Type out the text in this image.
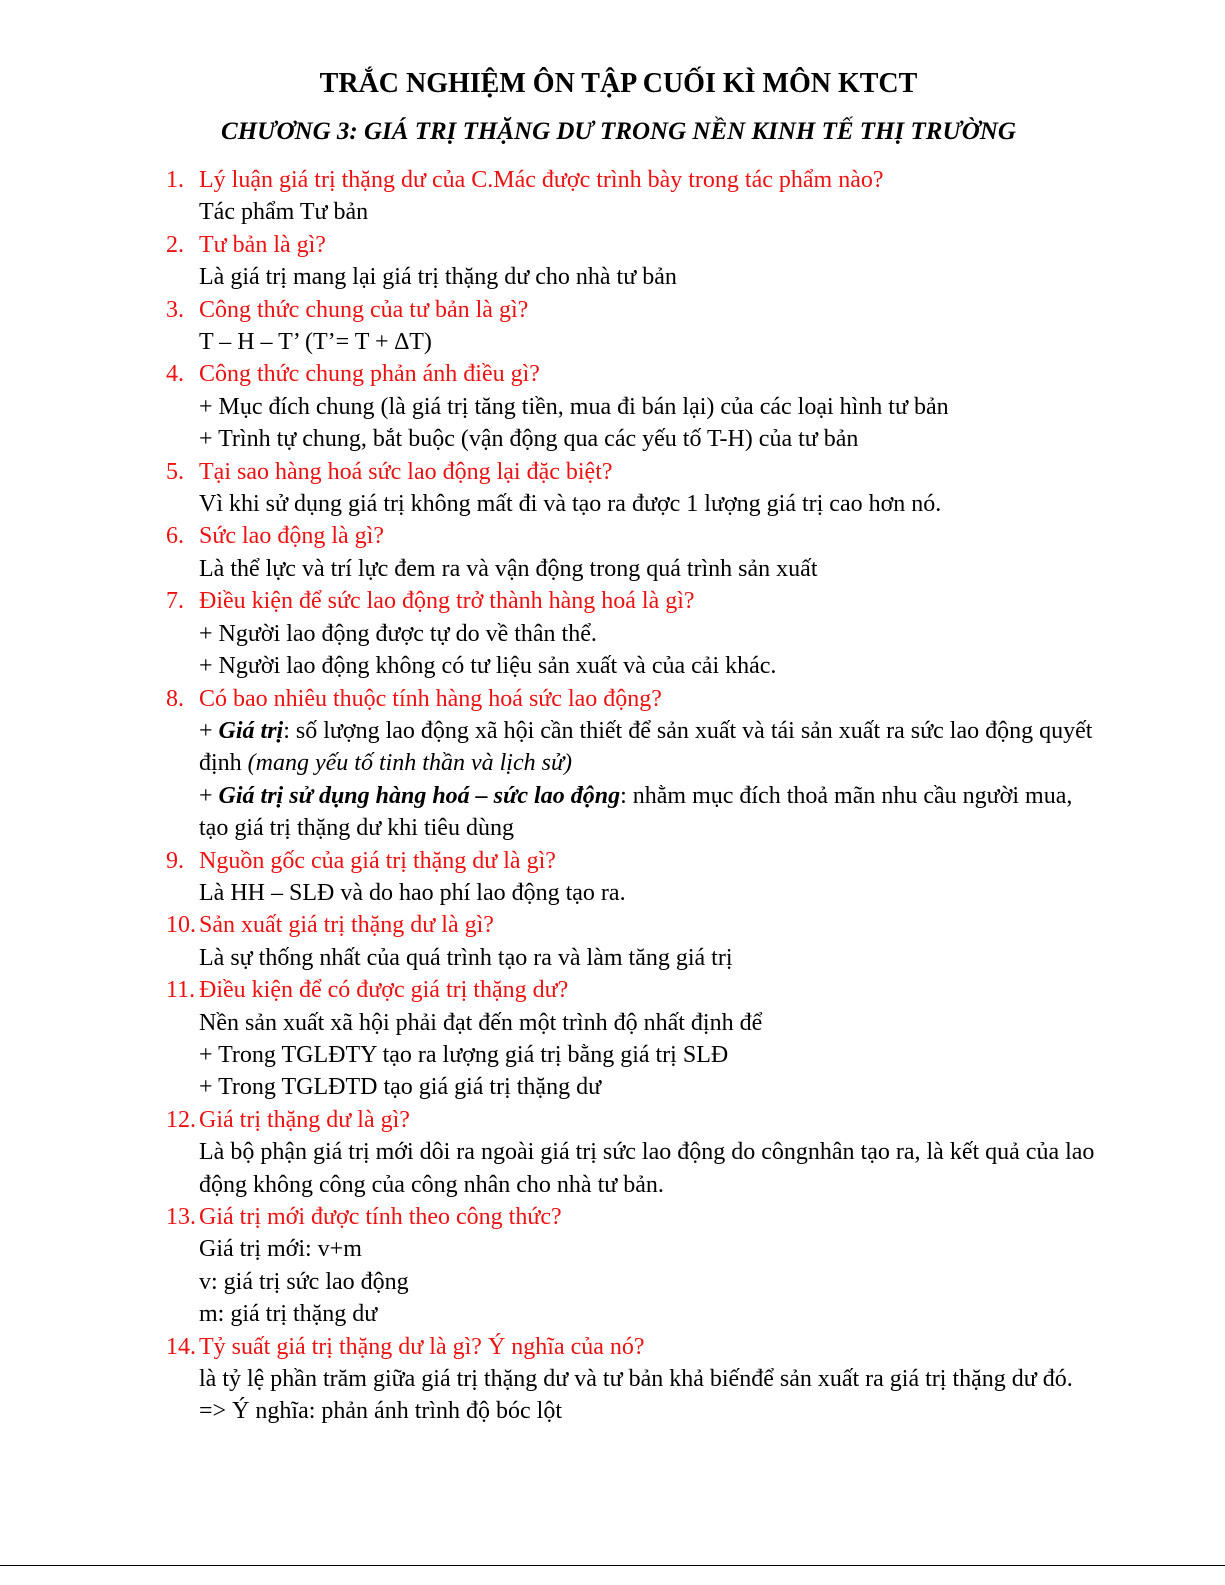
TRẮC NGHIỆM ÔN TẬP CUỐI KÌ MÔN KTCT
CHƯƠNG 3: GIÁ TRỊ THẶNG DƯ TRONG NỀN KINH TẾ THỊ TRƯỜNG
1. Lý luận giá trị thặng dư của C.Mác được trình bày trong tác phẩm nào?
Tác phẩm Tư bản
2. Tư bản là gì?
Là giá trị mang lại giá trị thặng dư cho nhà tư bản
3. Công thức chung của tư bản là gì?
T – H – T’ (T’= T + ∆T)
4. Công thức chung phản ánh điều gì?
+ Mục đích chung (là giá trị tăng tiền, mua đi bán lại) của các loại hình tư bản
+ Trình tự chung, bắt buộc (vận động qua các yếu tố T-H) của tư bản
5. Tại sao hàng hoá sức lao động lại đặc biệt?
Vì khi sử dụng giá trị không mất đi và tạo ra được 1 lượng giá trị cao hơn nó.
6. Sức lao động là gì?
Là thể lực và trí lực đem ra và vận động trong quá trình sản xuất
7. Điều kiện để sức lao động trở thành hàng hoá là gì?
+ Người lao động được tự do về thân thể.
+ Người lao động không có tư liệu sản xuất và của cải khác.
8. Có bao nhiêu thuộc tính hàng hoá sức lao động?
+ Giá trị: số lượng lao động xã hội cần thiết để sản xuất và tái sản xuất ra sức lao động quyết định (mang yếu tố tinh thần và lịch sử)
+ Giá trị sử dụng hàng hoá – sức lao động: nhằm mục đích thoả mãn nhu cầu người mua, tạo giá trị thặng dư khi tiêu dùng
9. Nguồn gốc của giá trị thặng dư là gì?
Là HH – SLĐ và do hao phí lao động tạo ra.
10. Sản xuất giá trị thặng dư là gì?
Là sự thống nhất của quá trình tạo ra và làm tăng giá trị
11. Điều kiện để có được giá trị thặng dư?
Nền sản xuất xã hội phải đạt đến một trình độ nhất định để
+ Trong TGLĐTY tạo ra lượng giá trị bằng giá trị SLĐ
+ Trong TGLĐTD tạo giá giá trị thặng dư
12. Giá trị thặng dư là gì?
Là bộ phận giá trị mới dôi ra ngoài giá trị sức lao động do côngnhân tạo ra, là kết quả của lao động không công của công nhân cho nhà tư bản.
13. Giá trị mới được tính theo công thức?
Giá trị mới: v+m
v: giá trị sức lao động
m: giá trị thặng dư
14. Tỷ suất giá trị thặng dư là gì? Ý nghĩa của nó?
là tỷ lệ phần trăm giữa giá trị thặng dư và tư bản khả biếnđể sản xuất ra giá trị thặng dư đó.
=> Ý nghĩa: phản ánh trình độ bóc lột
